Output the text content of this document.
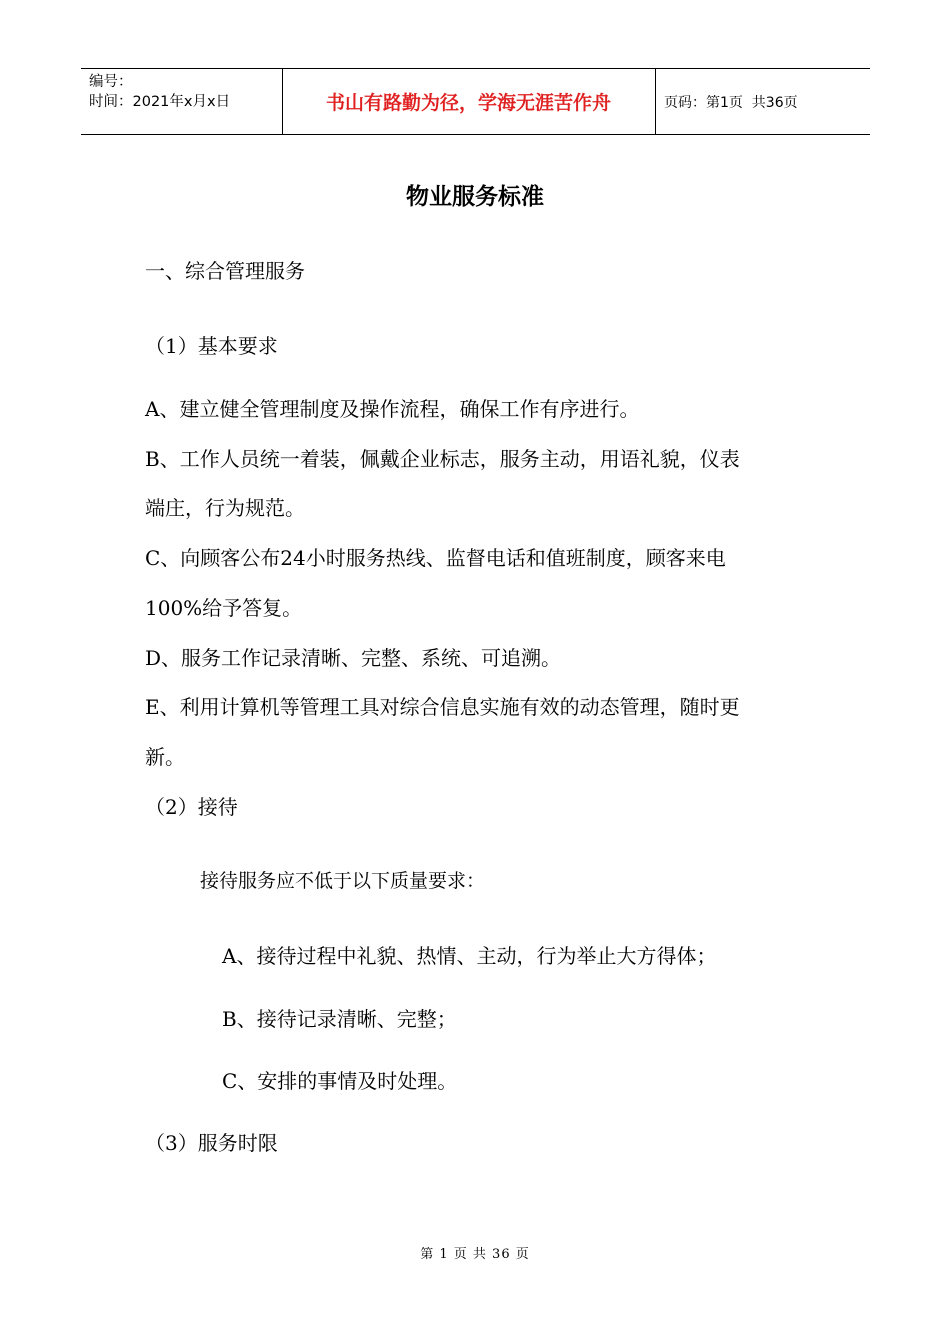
编号：
时间：2021年x月x日	书山有路勤为径，学海无涯苦作舟	页码：第1页  共36页
物业服务标准
一、综合管理服务
（1）基本要求
A、建立健全管理制度及操作流程，确保工作有序进行。
B、工作人员统一着装，佩戴企业标志，服务主动，用语礼貌，仪表
端庄，行为规范。
C、向顾客公布24小时服务热线、监督电话和值班制度，顾客来电
100%给予答复。
D、服务工作记录清晰、完整、系统、可追溯。
E、利用计算机等管理工具对综合信息实施有效的动态管理，随时更
新。
（2）接待
接待服务应不低于以下质量要求：
A、接待过程中礼貌、热情、主动，行为举止大方得体；
B、接待记录清晰、完整；
C、安排的事情及时处理。
（3）服务时限
第 1 页 共 36 页
